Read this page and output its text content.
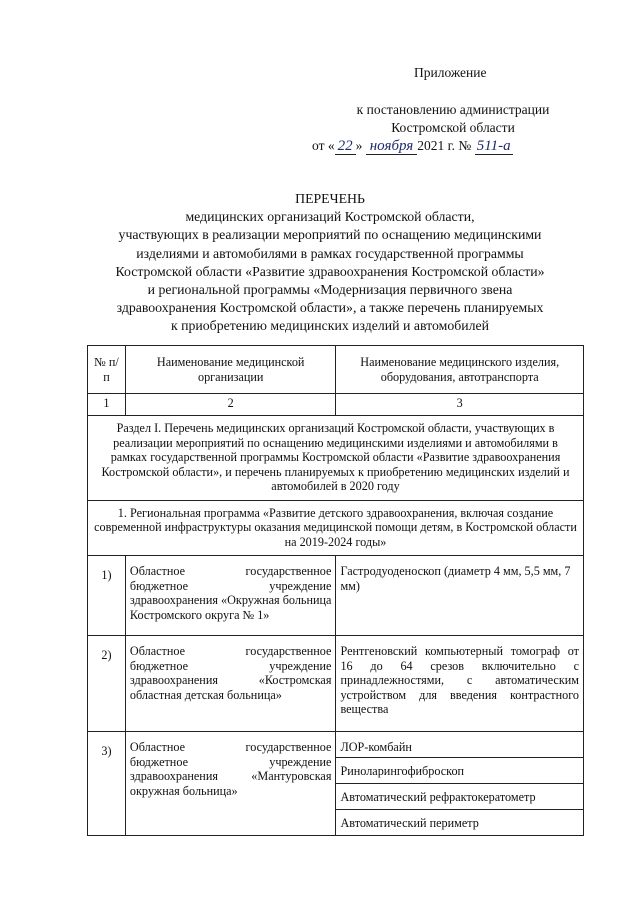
Приложение
к постановлению администрации
Костромской области
от « 22 » ноября 2021 г. № 511-а
ПЕРЕЧЕНЬ
медицинских организаций Костромской области,
участвующих в реализации мероприятий по оснащению медицинскими
изделиями и автомобилями в рамках государственной программы
Костромской области «Развитие здравоохранения Костромской области»
и региональной программы «Модернизация первичного звена
здравоохранения Костромской области», а также перечень планируемых
к приобретению медицинских изделий и автомобилей
№ п/п	Наименование медицинской организации	Наименование медицинского изделия, оборудования, автотранспорта
1	2	3
Раздел I. Перечень медицинских организаций Костромской области, участвующих в реализации мероприятий по оснащению медицинскими изделиями и автомобилями в рамках государственной программы Костромской области «Развитие здравоохранения Костромской области», и перечень планируемых к приобретению медицинских изделий и автомобилей в 2020 году		
1. Региональная программа «Развитие детского здравоохранения, включая создание современной инфраструктуры оказания медицинской помощи детям, в Костромской области на 2019-2024 годы»		
1)	Областное государственное бюджетное учреждение здравоохранения «Окружная больница Костромского округа № 1»	Гастродуоденоскоп (диаметр 4 мм, 5,5 мм, 7 мм)
2)	Областное государственное бюджетное учреждение здравоохранения «Костромская областная детская больница»	Рентгеновский компьютерный томограф от 16 до 64 срезов включительно с принадлежностями, с автоматическим устройством для введения контрастного вещества
3)	Областное государственное бюджетное учреждение здравоохранения «Мантуровская окружная больница»	ЛОР-комбайн
		Риноларингофиброскоп
		Автоматический рефрактокератометр
		Автоматический периметр
